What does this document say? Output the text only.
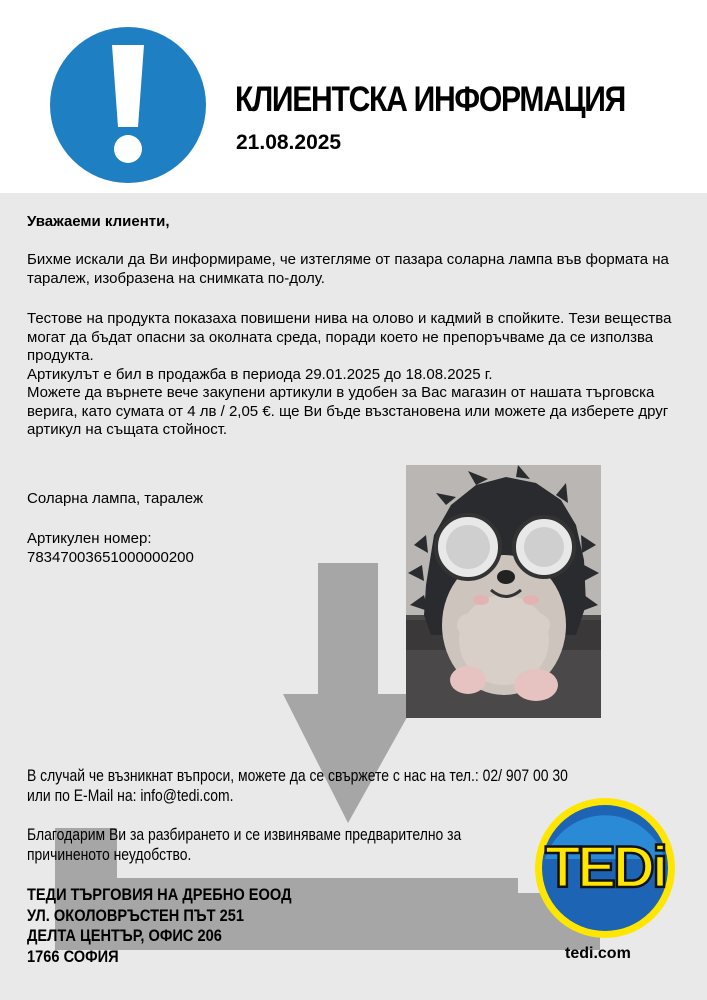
КЛИЕНТСКА ИНФОРМАЦИЯ
21.08.2025
Уважаеми клиенти,
Бихме искали да Ви информираме, че изтегляме от пазара соларна лампа във формата на таралеж, изобразена на снимката по-долу.
Тестове на продукта показаха повишени нива на олово и кадмий в спойките. Тези вещества могат да бъдат опасни за околната среда, поради което не препоръчваме да се използва продукта.
Артикулът е бил в продажба в периода 29.01.2025 до 18.08.2025 г.
Можете да върнете вече закупени артикули в удобен за Вас магазин от нашата търговска верига, като сумата от 4 лв / 2,05 €. ще Ви бъде възстановена или можете да изберете друг артикул на същата стойност.
Соларна лампа, таралеж
Артикулен номер:
7834700365100000020​0
В случай че възникнат въпроси, можете да се свържете с нас на тел.: 02/ 907 00 30
или по E-Mail на: info@tedi.com.
Благодарим Ви за разбирането и се извиняваме предварително за
причиненото неудобство.
ТЕДИ ТЪРГОВИЯ НА ДРЕБНО ЕООД
УЛ. ОКОЛОВРЪСТЕН ПЪТ 251
ДЕЛТА ЦЕНТЪР, ОФИС 206
1766 СОФИЯ
TEDi
tedi.com
